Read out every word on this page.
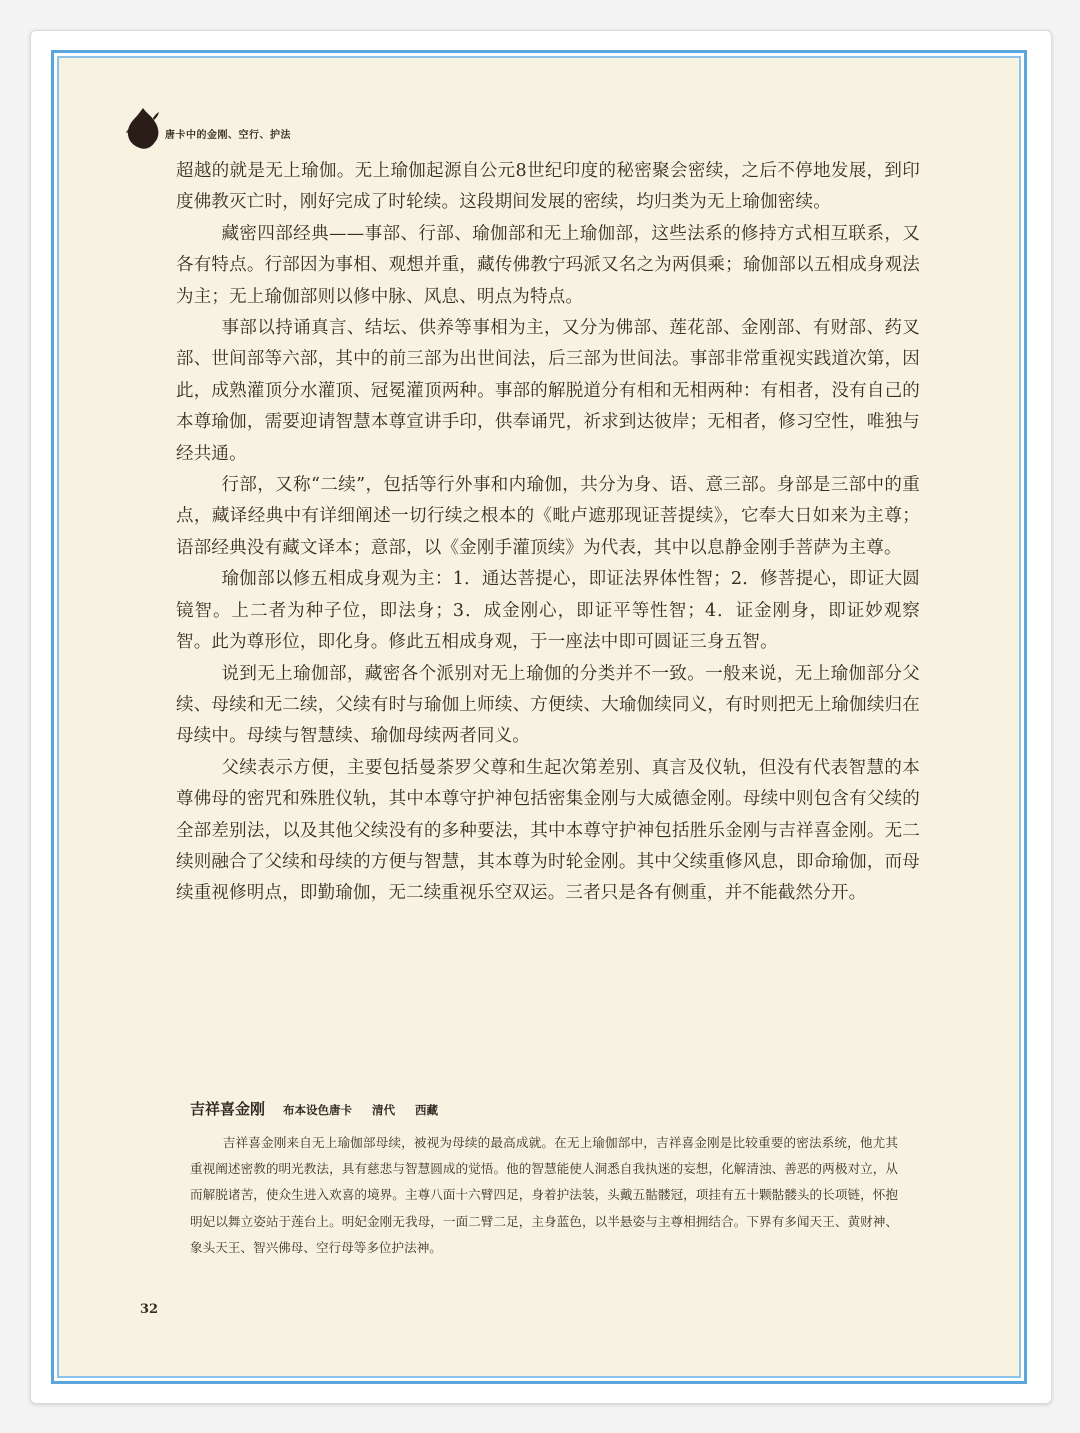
唐卡中的金刚、空行、护法

超越的就是无上瑜伽。无上瑜伽起源自公元8世纪印度的秘密聚会密续，之后不停地发展，到印度佛教灭亡时，刚好完成了时轮续。这段期间发展的密续，均归类为无上瑜伽密续。

藏密四部经典——事部、行部、瑜伽部和无上瑜伽部，这些法系的修持方式相互联系，又各有特点。行部因为事相、观想并重，藏传佛教宁玛派又名之为两俱乘；瑜伽部以五相成身观法为主；无上瑜伽部则以修中脉、风息、明点为特点。

事部以持诵真言、结坛、供养等事相为主，又分为佛部、莲花部、金刚部、有财部、药叉部、世间部等六部，其中的前三部为出世间法，后三部为世间法。事部非常重视实践道次第，因此，成熟灌顶分水灌顶、冠冕灌顶两种。事部的解脱道分有相和无相两种：有相者，没有自己的本尊瑜伽，需要迎请智慧本尊宣讲手印，供奉诵咒，祈求到达彼岸；无相者，修习空性，唯独与经共通。

行部，又称“二续”，包括等行外事和内瑜伽，共分为身、语、意三部。身部是三部中的重点，藏译经典中有详细阐述一切行续之根本的《毗卢遮那现证菩提续》，它奉大日如来为主尊；语部经典没有藏文译本；意部，以《金刚手灌顶续》为代表，其中以息静金刚手菩萨为主尊。

瑜伽部以修五相成身观为主：1．通达菩提心，即证法界体性智；2．修菩提心，即证大圆镜智。上二者为种子位，即法身；3．成金刚心，即证平等性智；4．证金刚身，即证妙观察智。此为尊形位，即化身。修此五相成身观，于一座法中即可圆证三身五智。

说到无上瑜伽部，藏密各个派别对无上瑜伽的分类并不一致。一般来说，无上瑜伽部分父续、母续和无二续，父续有时与瑜伽上师续、方便续、大瑜伽续同义，有时则把无上瑜伽续归在母续中。母续与智慧续、瑜伽母续两者同义。

父续表示方便，主要包括曼荼罗父尊和生起次第差别、真言及仪轨，但没有代表智慧的本尊佛母的密咒和殊胜仪轨，其中本尊守护神包括密集金刚与大威德金刚。母续中则包含有父续的全部差别法，以及其他父续没有的多种要法，其中本尊守护神包括胜乐金刚与吉祥喜金刚。无二续则融合了父续和母续的方便与智慧，其本尊为时轮金刚。其中父续重修风息，即命瑜伽，而母续重视修明点，即勤瑜伽，无二续重视乐空双运。三者只是各有侧重，并不能截然分开。

吉祥喜金刚 布本设色唐卡 清代 西藏

吉祥喜金刚来自无上瑜伽部母续，被视为母续的最高成就。在无上瑜伽部中，吉祥喜金刚是比较重要的密法系统，他尤其重视阐述密教的明光教法，具有慈悲与智慧圆成的觉悟。他的智慧能使人洞悉自我执迷的妄想，化解清浊、善恶的两极对立，从而解脱诸苦，使众生进入欢喜的境界。主尊八面十六臂四足，身着护法装，头戴五骷髅冠，项挂有五十颗骷髅头的长项链，怀抱明妃以舞立姿站于莲台上。明妃金刚无我母，一面二臂二足，主身蓝色，以半悬姿与主尊相拥结合。下界有多闻天王、黄财神、象头天王、智兴佛母、空行母等多位护法神。

32
